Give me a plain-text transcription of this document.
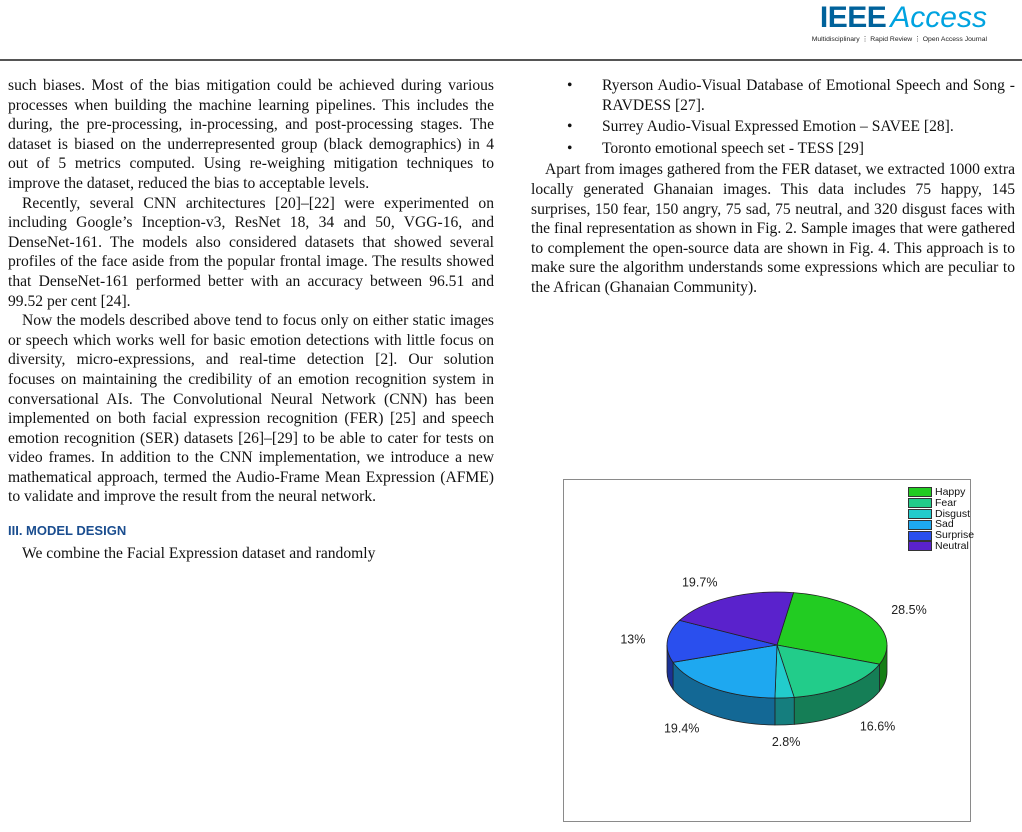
IEEE Access
Multidisciplinary ⋮ Rapid Review ⋮ Open Access Journal

such biases. Most of the bias mitigation could be achieved during various processes when building the machine learning pipelines. This includes the during, the pre-processing, in-processing, and post-processing stages. The dataset is biased on the underrepresented group (black demographics) in 4 out of 5 metrics computed. Using re-weighing mitigation techniques to improve the dataset, reduced the bias to acceptable levels.

Recently, several CNN architectures [20]–[22] were experimented on including Google’s Inception-v3, ResNet 18, 34 and 50, VGG-16, and DenseNet-161. The models also considered datasets that showed several profiles of the face aside from the popular frontal image. The results showed that DenseNet-161 performed better with an accuracy between 96.51 and 99.52 per cent [24].

Now the models described above tend to focus only on either static images or speech which works well for basic emotion detections with little focus on diversity, micro-expressions, and real-time detection [2]. Our solution focuses on maintaining the credibility of an emotion recognition system in conversational AIs. The Convolutional Neural Network (CNN) has been implemented on both facial expression recognition (FER) [25] and speech emotion recognition (SER) datasets [26]–[29] to be able to cater for tests on video frames. In addition to the CNN implementation, we introduce a new mathematical approach, termed the Audio-Frame Mean Expression (AFME) to validate and improve the result from the neural network.

III. MODEL DESIGN

We combine the Facial Expression dataset and randomly

• Ryerson Audio-Visual Database of Emotional Speech and Song - RAVDESS [27].
• Surrey Audio-Visual Expressed Emotion – SAVEE [28].
• Toronto emotional speech set - TESS [29]

Apart from images gathered from the FER dataset, we extracted 1000 extra locally generated Ghanaian images. This data includes 75 happy, 145 surprises, 150 fear, 150 angry, 75 sad, 75 neutral, and 320 disgust faces with the final representation as shown in Fig. 2. Sample images that were gathered to complement the open-source data are shown in Fig. 4. This approach is to make sure the algorithm understands some expressions which are peculiar to the African (Ghanaian Community).

28.5%
16.6%
2.8%
19.4%
13%
19.7%
Happy
Fear
Disgust
Sad
Surprise
Neutral
